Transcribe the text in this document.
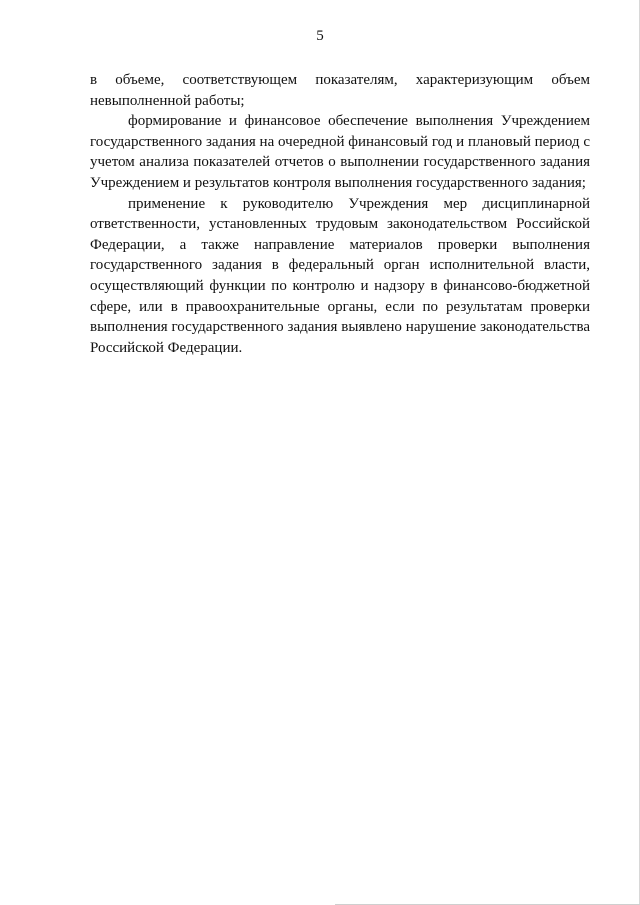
5

в объеме, соответствующем показателям, характеризующим объем невыполненной работы;

формирование и финансовое обеспечение выполнения Учреждением государственного задания на очередной финансовый год и плановый период с учетом анализа показателей отчетов о выполнении государственного задания Учреждением и результатов контроля выполнения государственного задания;

применение к руководителю Учреждения мер дисциплинарной ответственности, установленных трудовым законодательством Российской Федерации, а также направление материалов проверки выполнения государственного задания в федеральный орган исполнительной власти, осуществляющий функции по контролю и надзору в финансово-бюджетной сфере, или в правоохранительные органы, если по результатам проверки выполнения государственного задания выявлено нарушение законодательства Российской Федерации.
